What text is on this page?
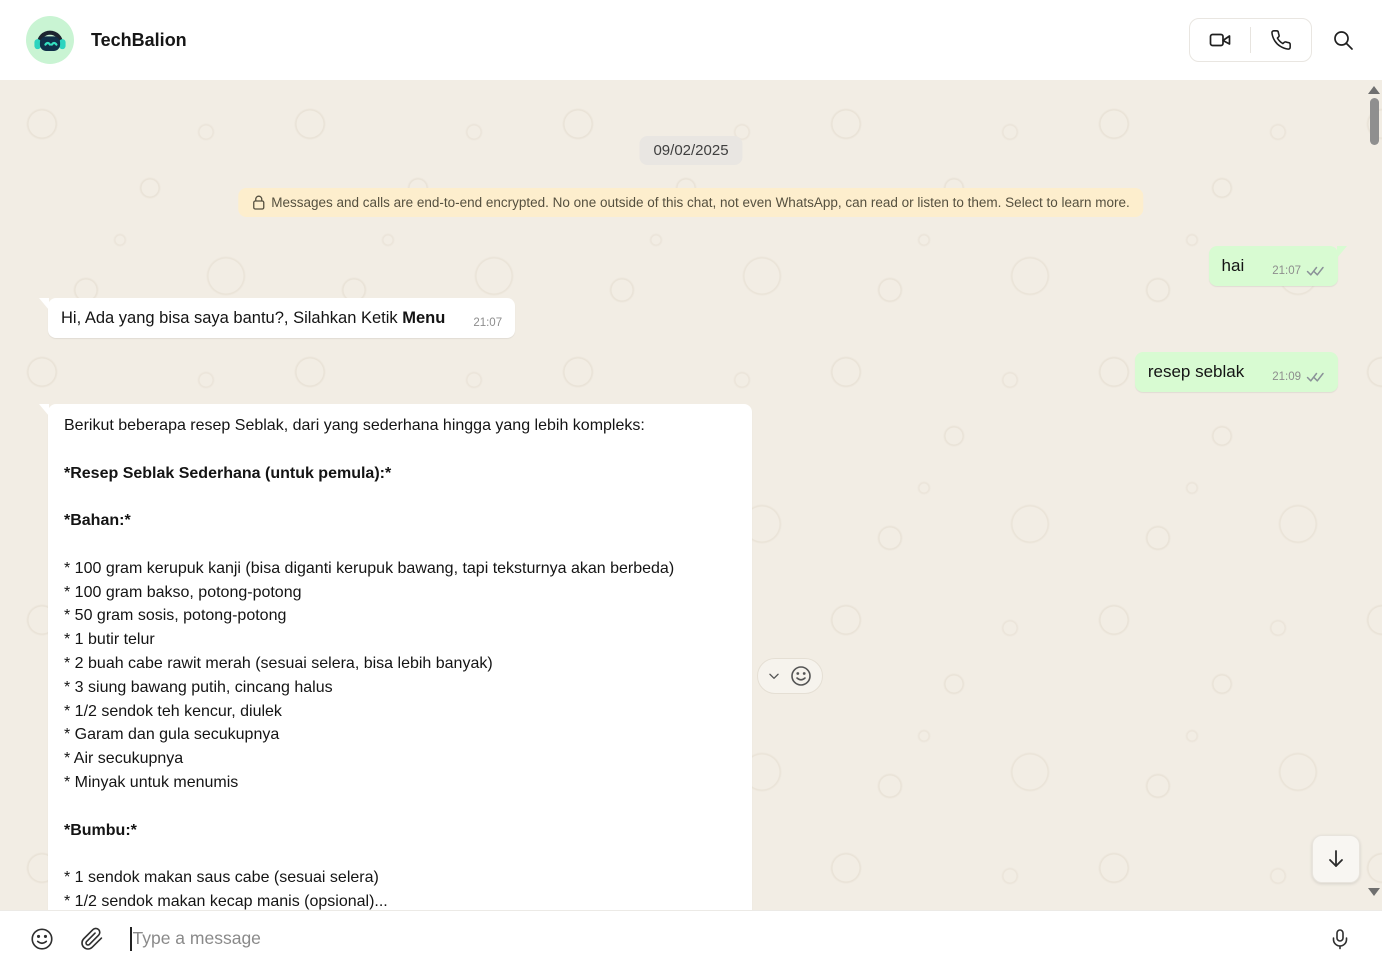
TechBalion
09/02/2025
Messages and calls are end-to-end encrypted. No one outside of this chat, not even WhatsApp, can read or listen to them. Select to learn more.
hai 21:07
Hi, Ada yang bisa saya bantu?, Silahkan Ketik Menu 21:07
resep seblak 21:09
Berikut beberapa resep Seblak, dari yang sederhana hingga yang lebih kompleks:

*Resep Seblak Sederhana (untuk pemula):*

*Bahan:*

* 100 gram kerupuk kanji (bisa diganti kerupuk bawang, tapi teksturnya akan berbeda)
* 100 gram bakso, potong-potong
* 50 gram sosis, potong-potong
* 1 butir telur
* 2 buah cabe rawit merah (sesuai selera, bisa lebih banyak)
* 3 siung bawang putih, cincang halus
* 1/2 sendok teh kencur, diulek
* Garam dan gula secukupnya
* Air secukupnya
* Minyak untuk menumis

*Bumbu:*

* 1 sendok makan saus cabe (sesuai selera)
* 1/2 sendok makan kecap manis (opsional)...
Type a message
